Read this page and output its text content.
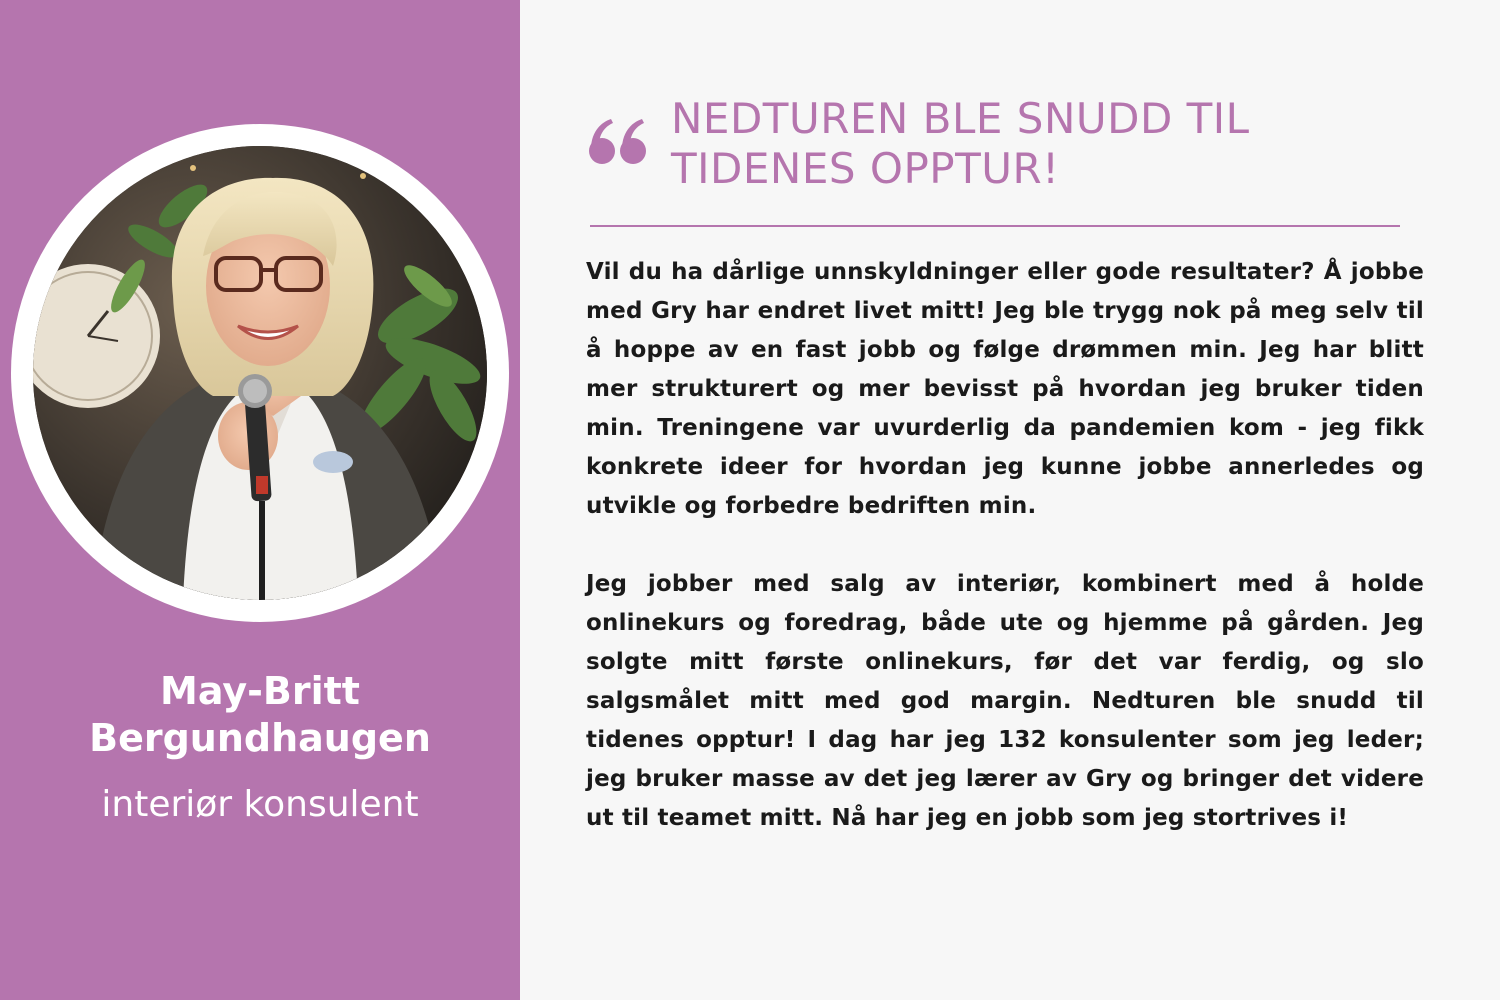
May-Britt
Bergundhaugen

interiør konsulent

NEDTUREN BLE SNUDD TIL
TIDENES OPPTUR!

Vil du ha dårlige unnskyldninger eller gode resultater? Å jobbe med Gry har endret livet mitt! Jeg ble trygg nok på meg selv til å hoppe av en fast jobb og følge drømmen min. Jeg har blitt mer strukturert og mer bevisst på hvordan jeg bruker tiden min. Treningene var uvurderlig da pandemien kom - jeg fikk konkrete ideer for hvordan jeg kunne jobbe annerledes og utvikle og forbedre bedriften min.

Jeg jobber med salg av interiør, kombinert med å holde onlinekurs og foredrag, både ute og hjemme på gården. Jeg solgte mitt første onlinekurs, før det var ferdig, og slo salgsmålet mitt med god margin. Nedturen ble snudd til tidenes opptur! I dag har jeg 132 konsulenter som jeg leder; jeg bruker masse av det jeg lærer av Gry og bringer det videre ut til teamet mitt. Nå har jeg en jobb som jeg stortrives i!
